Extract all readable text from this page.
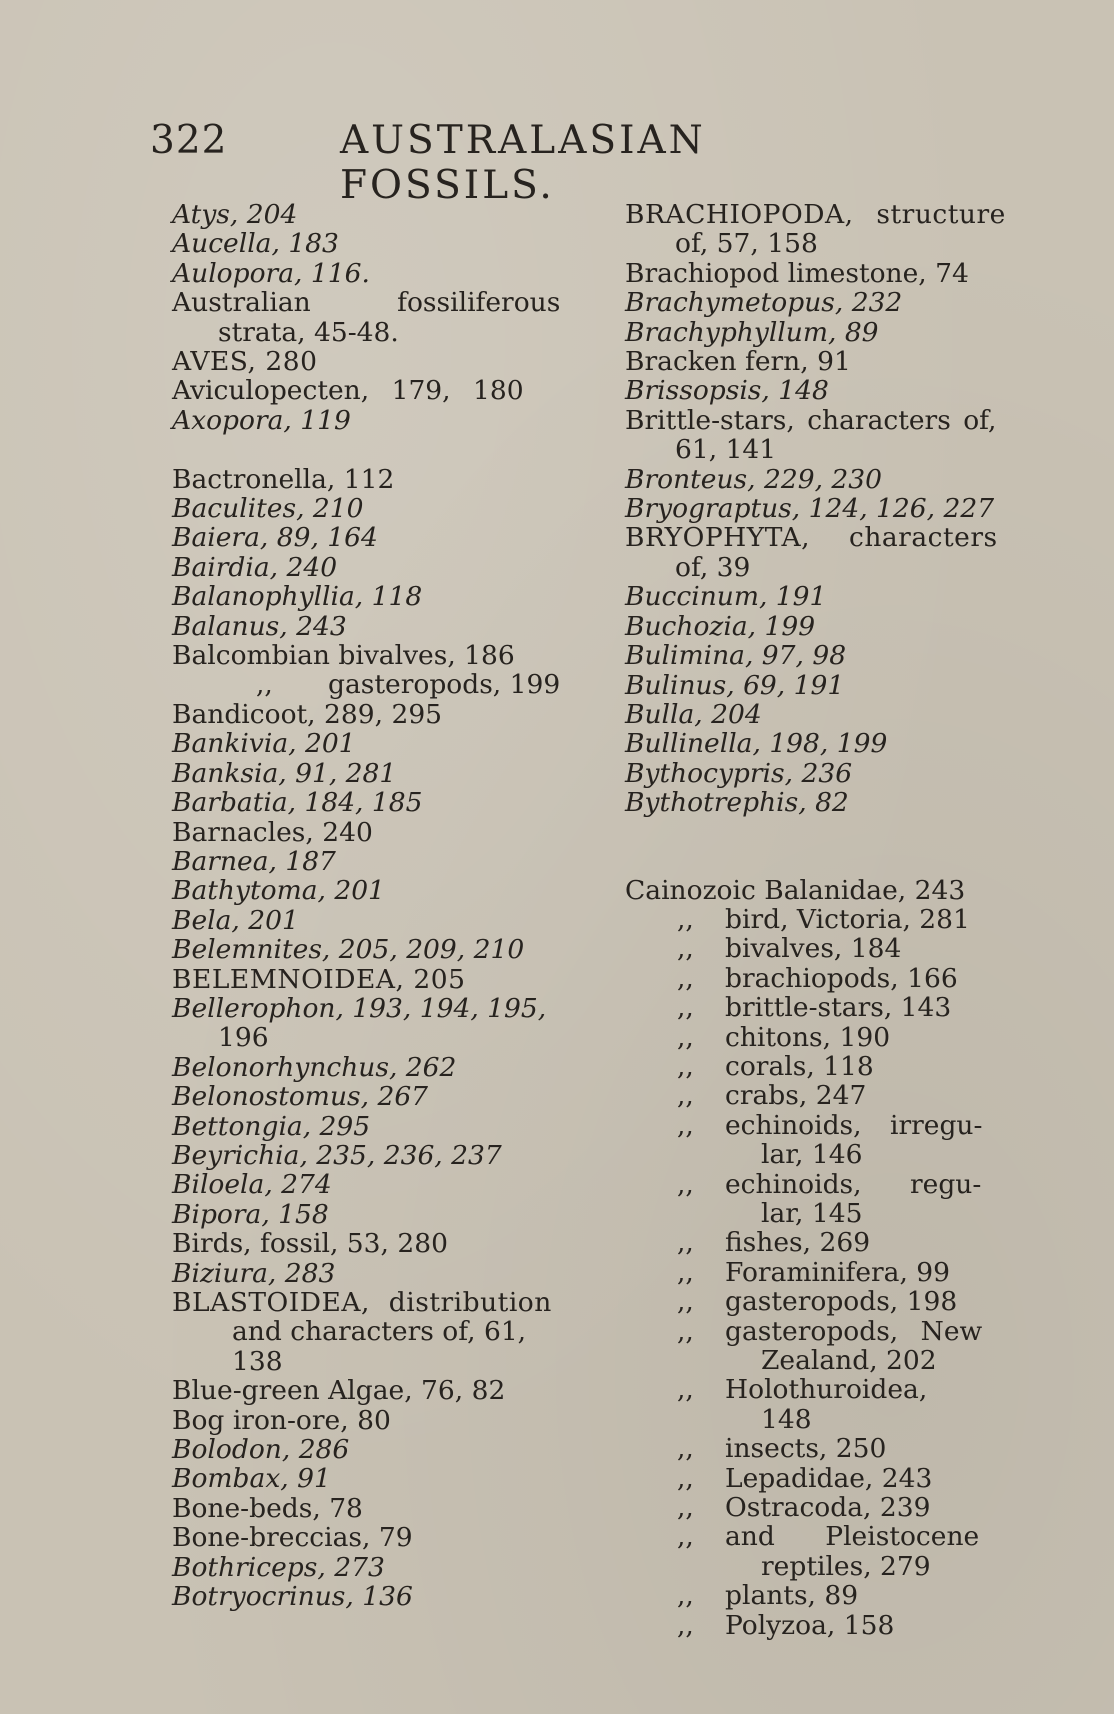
322	AUSTRALASIAN FOSSILS.
Atys, 204
Aucella, 183
Aulopora, 116.
Australian fossiliferous
strata, 45-48.
AVES, 280
Aviculopecten, 179, 180
Axopora, 119
Bactronella, 112
Baculites, 210
Baiera, 89, 164
Bairdia, 240
Balanophyllia, 118
Balanus, 243
Balcombian bivalves, 186
,, gasteropods, 199
Bandicoot, 289, 295
Bankivia, 201
Banksia, 91, 281
Barbatia, 184, 185
Barnacles, 240
Barnea, 187
Bathytoma, 201
Bela, 201
Belemnites, 205, 209, 210
BELEMNOIDEA, 205
Bellerophon, 193, 194, 195,
196
Belonorhynchus, 262
Belonostomus, 267
Bettongia, 295
Beyrichia, 235, 236, 237
Biloela, 274
Bipora, 158
Birds, fossil, 53, 280
Biziura, 283
BLASTOIDEA, distribution
and characters of, 61,
138
Blue-green Algae, 76, 82
Bog iron-ore, 80
Bolodon, 286
Bombax, 91
Bone-beds, 78
Bone-breccias, 79
Bothriceps, 273
Botryocrinus, 136
BRACHIOPODA, structure
of, 57, 158
Brachiopod limestone, 74
Brachymetopus, 232
Brachyphyllum, 89
Bracken fern, 91
Brissopsis, 148
Brittle-stars, characters of,
61, 141
Bronteus, 229, 230
Bryograptus, 124, 126, 227
BRYOPHYTA, characters
of, 39
Buccinum, 191
Buchozia, 199
Bulimina, 97, 98
Bulinus, 69, 191
Bulla, 204
Bullinella, 198, 199
Bythocypris, 236
Bythotrephis, 82
Cainozoic Balanidae, 243
,, bird, Victoria, 281
,, bivalves, 184
,, brachiopods, 166
,, brittle-stars, 143
,, chitons, 190
,, corals, 118
,, crabs, 247
,, echinoids, irregu-
lar, 146
,, echinoids, regu-
lar, 145
,, fishes, 269
,, Foraminifera, 99
,, gasteropods, 198
,, gasteropods, New
Zealand, 202
,, Holothuroidea,
148
,, insects, 250
,, Lepadidae, 243
,, Ostracoda, 239
,, and Pleistocene
reptiles, 279
,, plants, 89
,, Polyzoa, 158
